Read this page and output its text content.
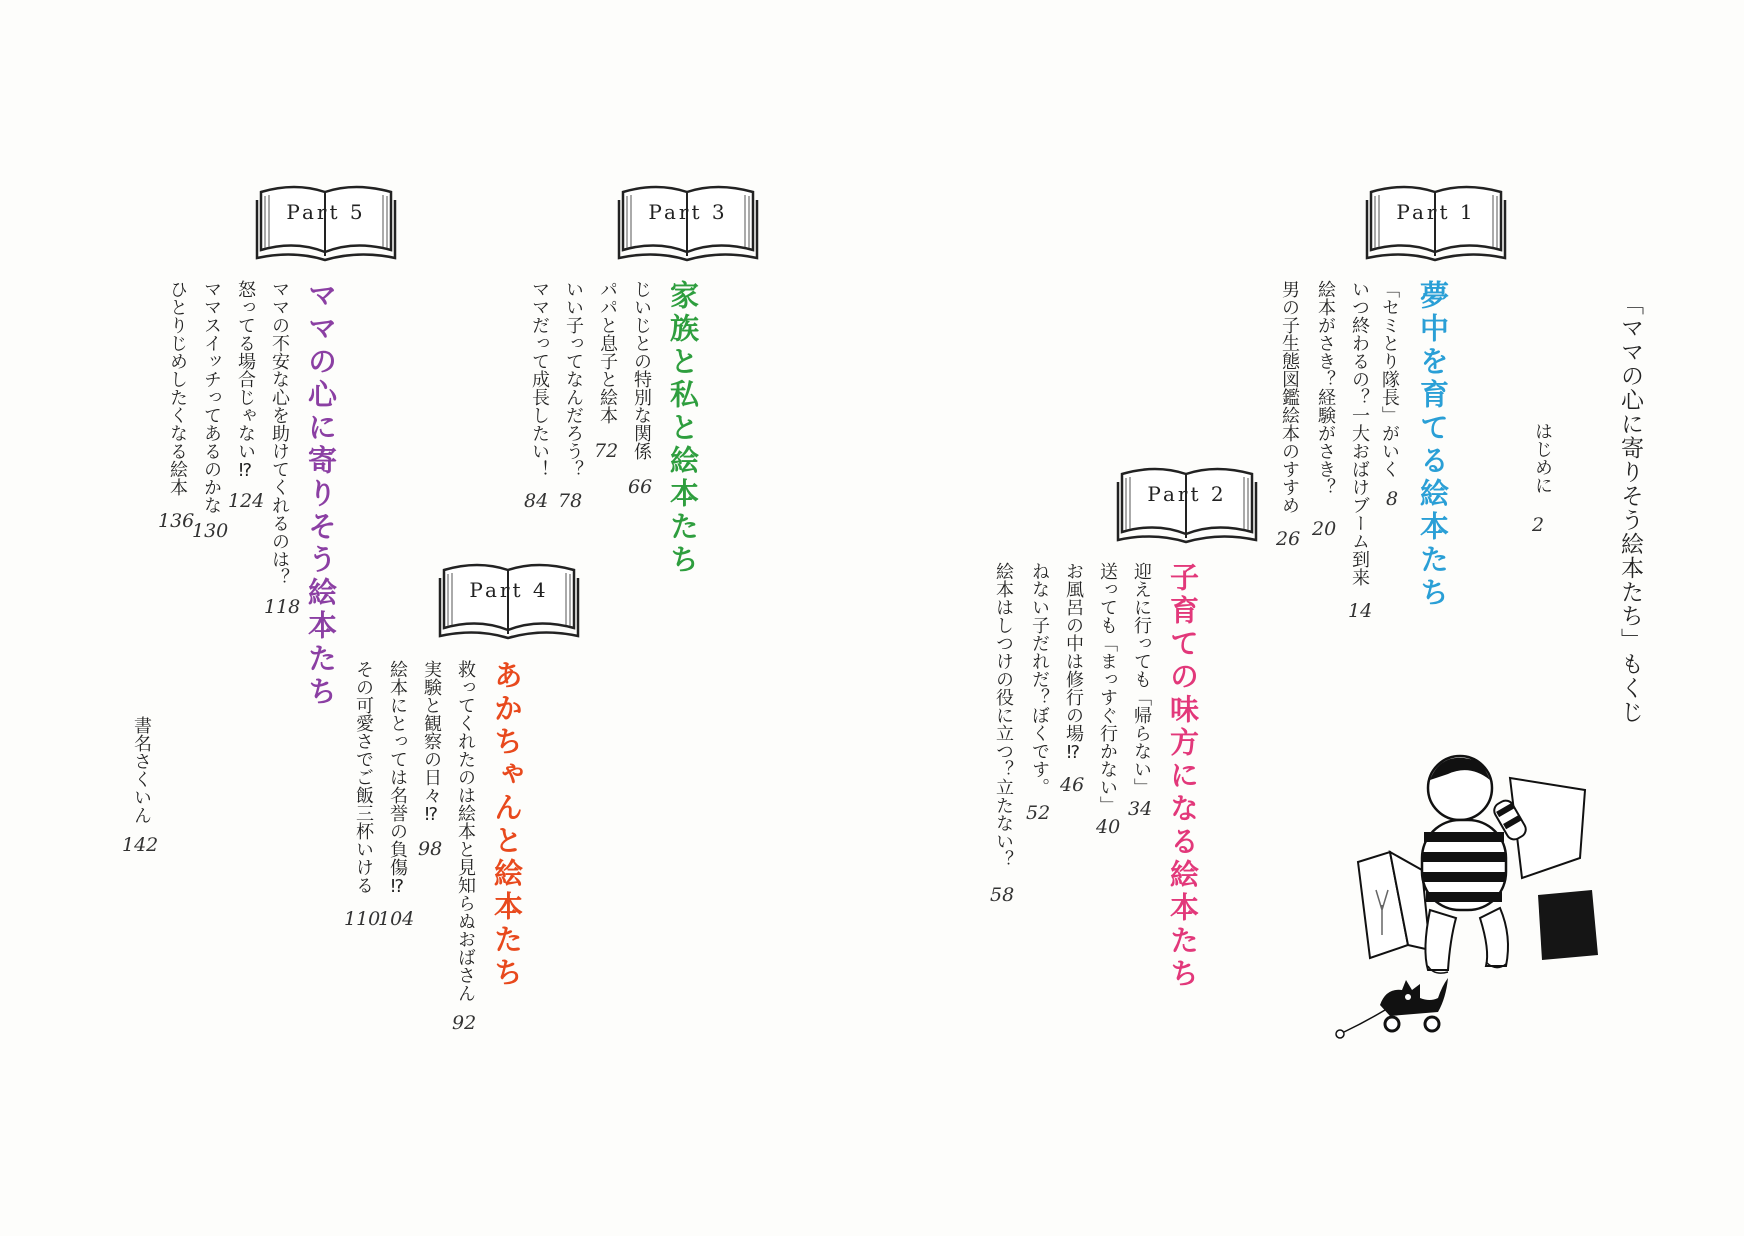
「ママの心に寄りそう絵本たち」もくじ
はじめに
2
Part 1
夢中を育てる絵本たち
「セミとり隊長」がいく
8
いつ終わるの？一大おばけブーム到来
14
絵本がさき？経験がさき？
20
男の子生態図鑑絵本のすすめ
26
Part 2
子育ての味方になる絵本たち
迎えに行っても「帰らない」
34
送っても「まっすぐ行かない」
40
お風呂の中は修行の場⁉
46
ねない子だれだ？ぼくです。
52
絵本はしつけの役に立つ？立たない？
58
Part 3
家族と私と絵本たち
じいじとの特別な関係
66
パパと息子と絵本
72
いい子ってなんだろう？
78
ママだって成長したい！
84
Part 4
あかちゃんと絵本たち
救ってくれたのは絵本と見知らぬおばさん
92
実験と観察の日々⁉
98
絵本にとっては名誉の負傷⁉
104
その可愛さでご飯三杯いける
110
Part 5
ママの心に寄りそう絵本たち
ママの不安な心を助けてくれるのは？
118
怒ってる場合じゃない⁉
124
ママスイッチってあるのかな
130
ひとりじめしたくなる絵本
136
書名さくいん
142
